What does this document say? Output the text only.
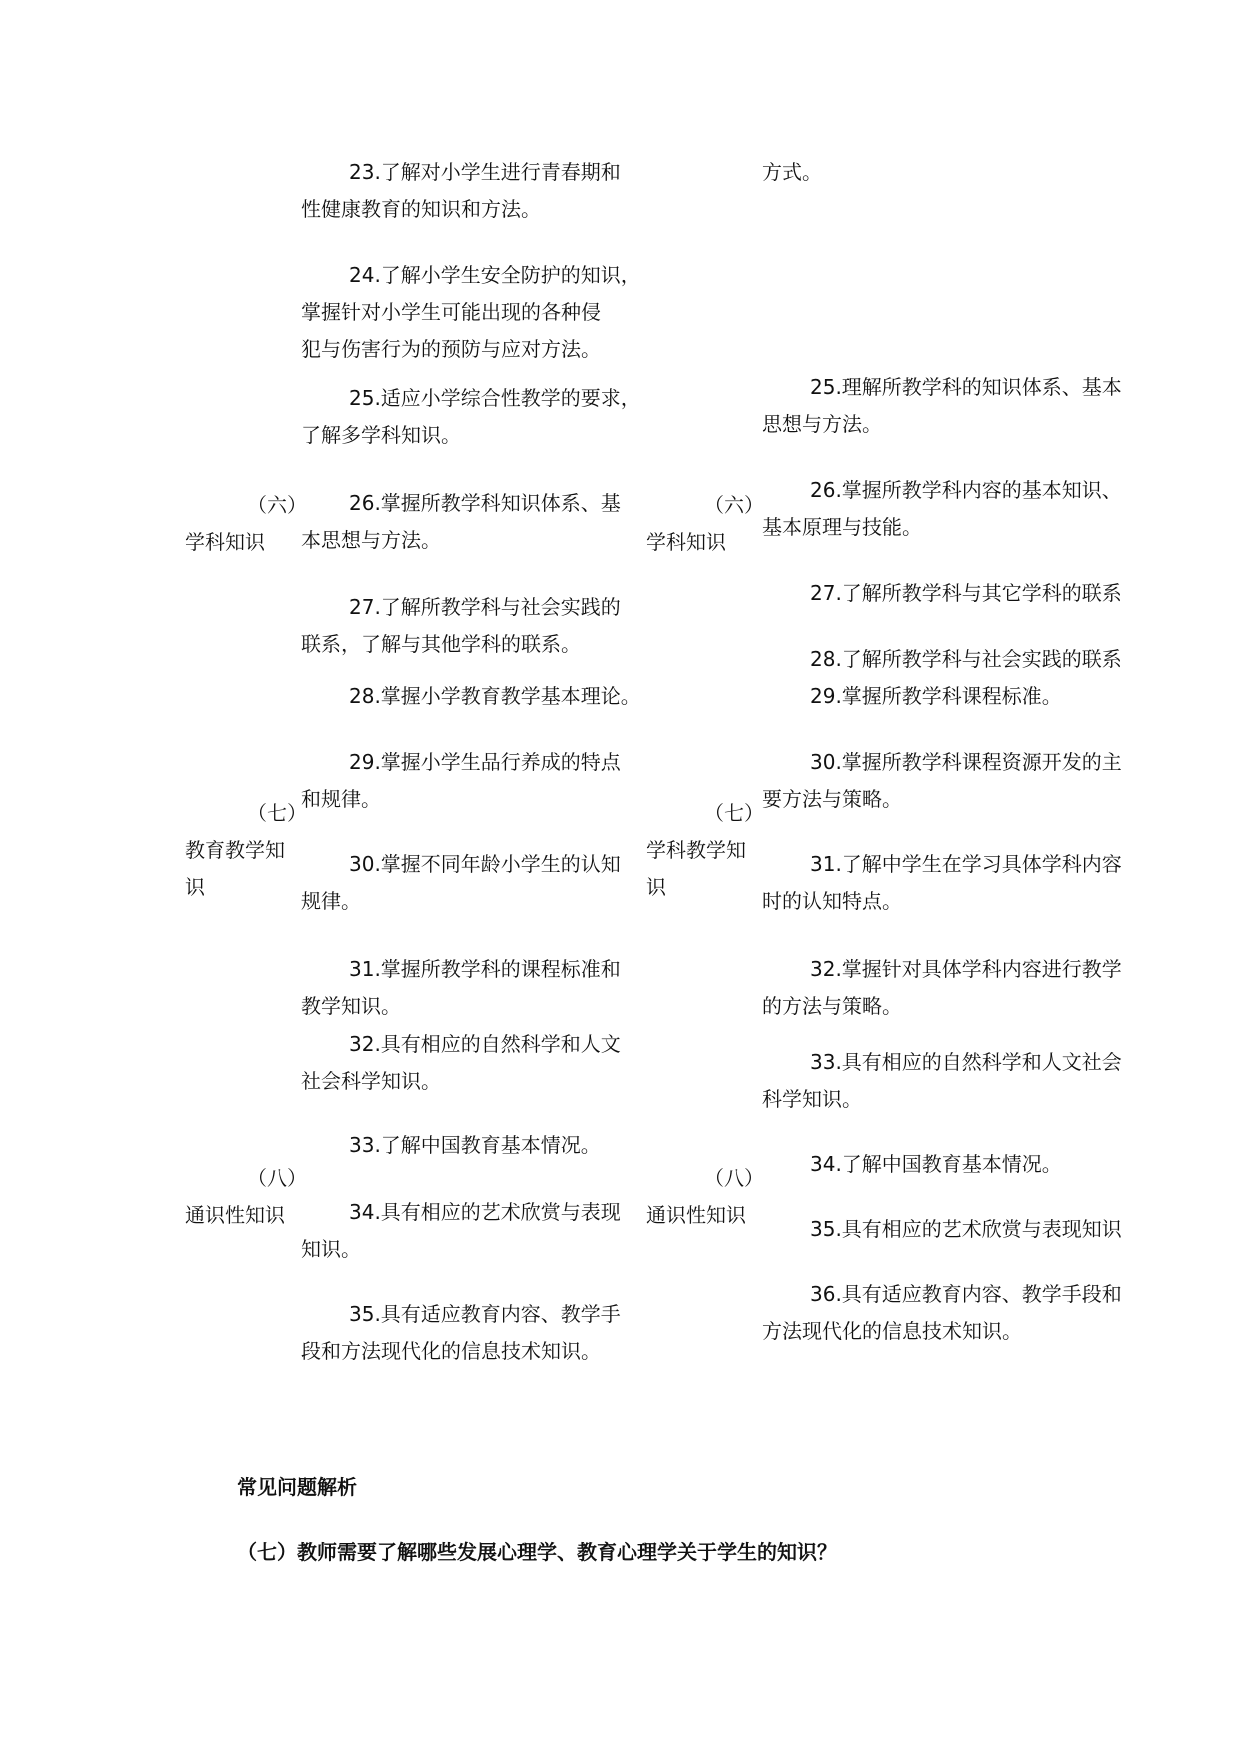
23.了解对小学生进行青春期和
性健康教育的知识和方法。
24.了解小学生安全防护的知识，
掌握针对小学生可能出现的各种侵
犯与伤害行为的预防与应对方法。
25.适应小学综合性教学的要求，
了解多学科知识。
26.掌握所教学科知识体系、基
本思想与方法。
27.了解所教学科与社会实践的
联系，了解与其他学科的联系。
28.掌握小学教育教学基本理论。
29.掌握小学生品行养成的特点
和规律。
30.掌握不同年龄小学生的认知
规律。
31.掌握所教学科的课程标准和
教学知识。
32.具有相应的自然科学和人文
社会科学知识。
33.了解中国教育基本情况。
34.具有相应的艺术欣赏与表现
知识。
35.具有适应教育内容、教学手
段和方法现代化的信息技术知识。
（六）
学科知识
（七）
教育教学知
识
（八）
通识性知识
方式。
25.理解所教学科的知识体系、基本
思想与方法。
26.掌握所教学科内容的基本知识、
基本原理与技能。
27.了解所教学科与其它学科的联系
28.了解所教学科与社会实践的联系
29.掌握所教学科课程标准。
30.掌握所教学科课程资源开发的主
要方法与策略。
31.了解中学生在学习具体学科内容
时的认知特点。
32.掌握针对具体学科内容进行教学
的方法与策略。
33.具有相应的自然科学和人文社会
科学知识。
34.了解中国教育基本情况。
35.具有相应的艺术欣赏与表现知识
36.具有适应教育内容、教学手段和
方法现代化的信息技术知识。
（六）
学科知识
（七）
学科教学知
识
（八）
通识性知识
常见问题解析
（七）教师需要了解哪些发展心理学、教育心理学关于学生的知识？
